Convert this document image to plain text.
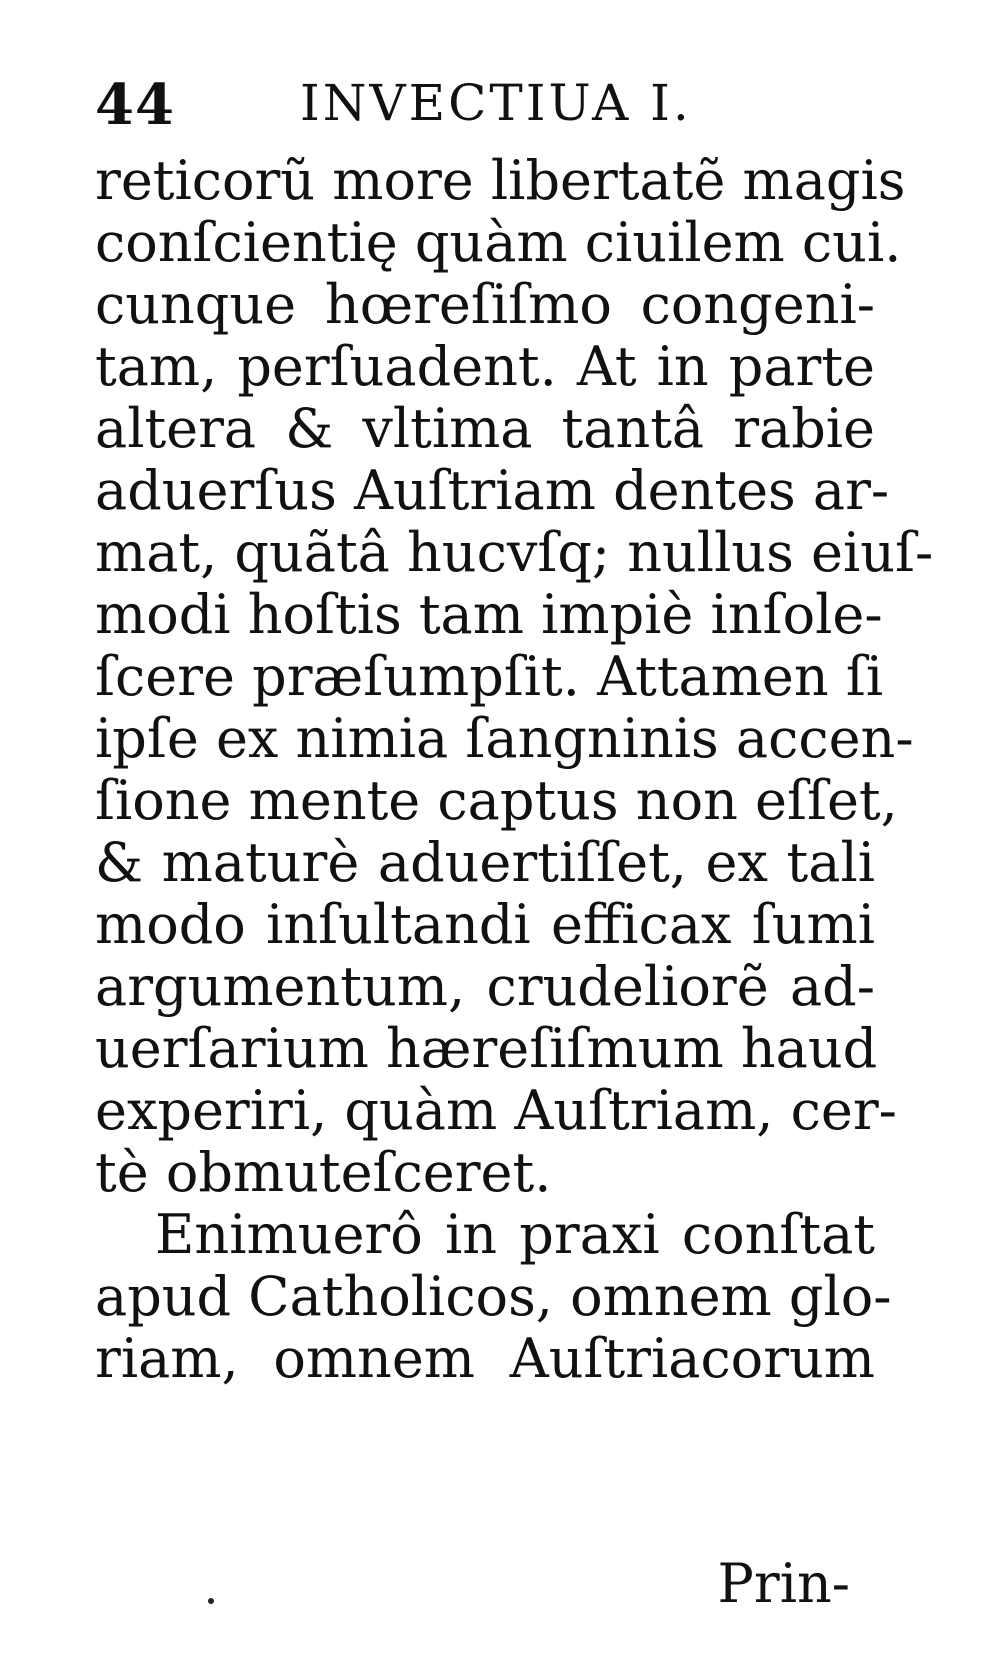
44	INVECTIUA I.
reticorũ more libertatẽ magis
conſcientię quàm ciuilem cui.
cunque hœreſiſmo congeni-
tam, perſuadent. At in parte
altera & vltima tantâ rabie
aduerſus Auſtriam dentes ar-
mat, quãtâ hucvſq; nullus eiuſ-
modi hoſtis tam impiè inſole-
ſcere præſumpſit. Attamen ſi
ipſe ex nimia ſangninis accen-
ſione mente captus non eſſet,
& maturè aduertiſſet, ex tali
modo inſultandi efficax ſumi
argumentum, crudeliorẽ ad-
uerſarium hæreſiſmum haud
experiri, quàm Auſtriam, cer-
tè obmuteſceret.
Enimuerô in praxi conſtat
apud Catholicos, omnem glo-
riam, omnem Auſtriacorum
Prin-
